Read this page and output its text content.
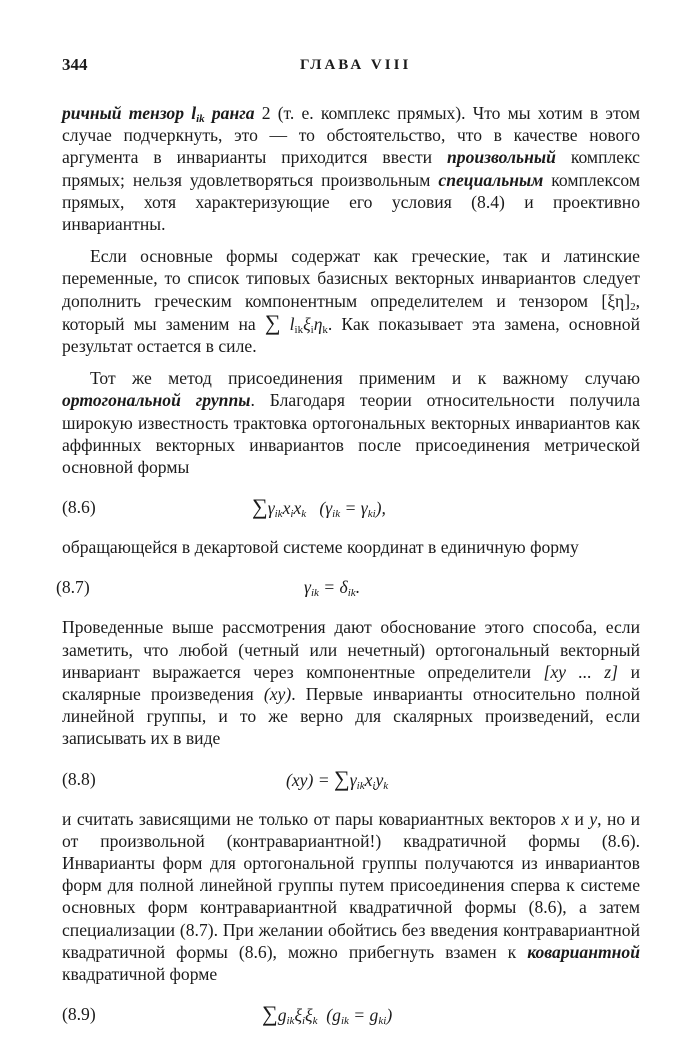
344	ГЛАВА VIII

ричный тензор $l_{ik}$ ранга 2 (т. е. комплекс прямых). Что мы хотим в этом случае подчеркнуть, это — то обстоятельство, что в качестве нового аргумента в инварианты приходится ввести произвольный комплекс прямых; нельзя удовлетворяться произвольным специальным комплексом прямых, хотя характеризующие его условия (8.4) и проективно инвариантны.

Если основные формы содержат как греческие, так и латинские переменные, то список типовых базисных векторных инвариантов следует дополнить греческим компонентным определителем и тензором $[\xi\eta]_2$, который мы заменим на ∑ $l_{ik}\xi_i\eta_k$. Как показывает эта замена, основной результат остается в силе.

Тот же метод присоединения применим и к важному случаю ортогональной группы. Благодаря теории относительности получила широкую известность трактовка ортогональных векторных инвариантов как аффинных векторных инвариантов после присоединения метрической основной формы

(8.6)	$\sum\gamma_{ik}x_ix_k$ $(\gamma_{ik} = \gamma_{ki})$,

обращающейся в декартовой системе координат в единичную форму

(8.7)	$\gamma_{ik} = \delta_{ik}$.

Проведенные выше рассмотрения дают обоснование этого способа, если заметить, что любой (четный или нечетный) ортогональный векторный инвариант выражается через компонентные определители [xy ... z] и скалярные произведения (xy). Первые инварианты относительно полной линейной группы, и то же верно для скалярных произведений, если записывать их в виде

(8.8)	$(xy) = \sum\gamma_{ik}x_iy_k$

и считать зависящими не только от пары ковариантных векторов x и y, но и от произвольной (контравариантной!) квадратичной формы (8.6). Инварианты форм для ортогональной группы получаются из инвариантов форм для полной линейной группы путем присоединения сперва к системе основных форм контравариантной квадратичной формы (8.6), а затем специализации (8.7). При желании обойтись без введения контравариантной квадратичной формы (8.6), можно прибегнуть взамен к ковариантной квадратичной форме

(8.9)	$\sum g_{ik}\xi_i\xi_k$ $(g_{ik} = g_{ki})$
